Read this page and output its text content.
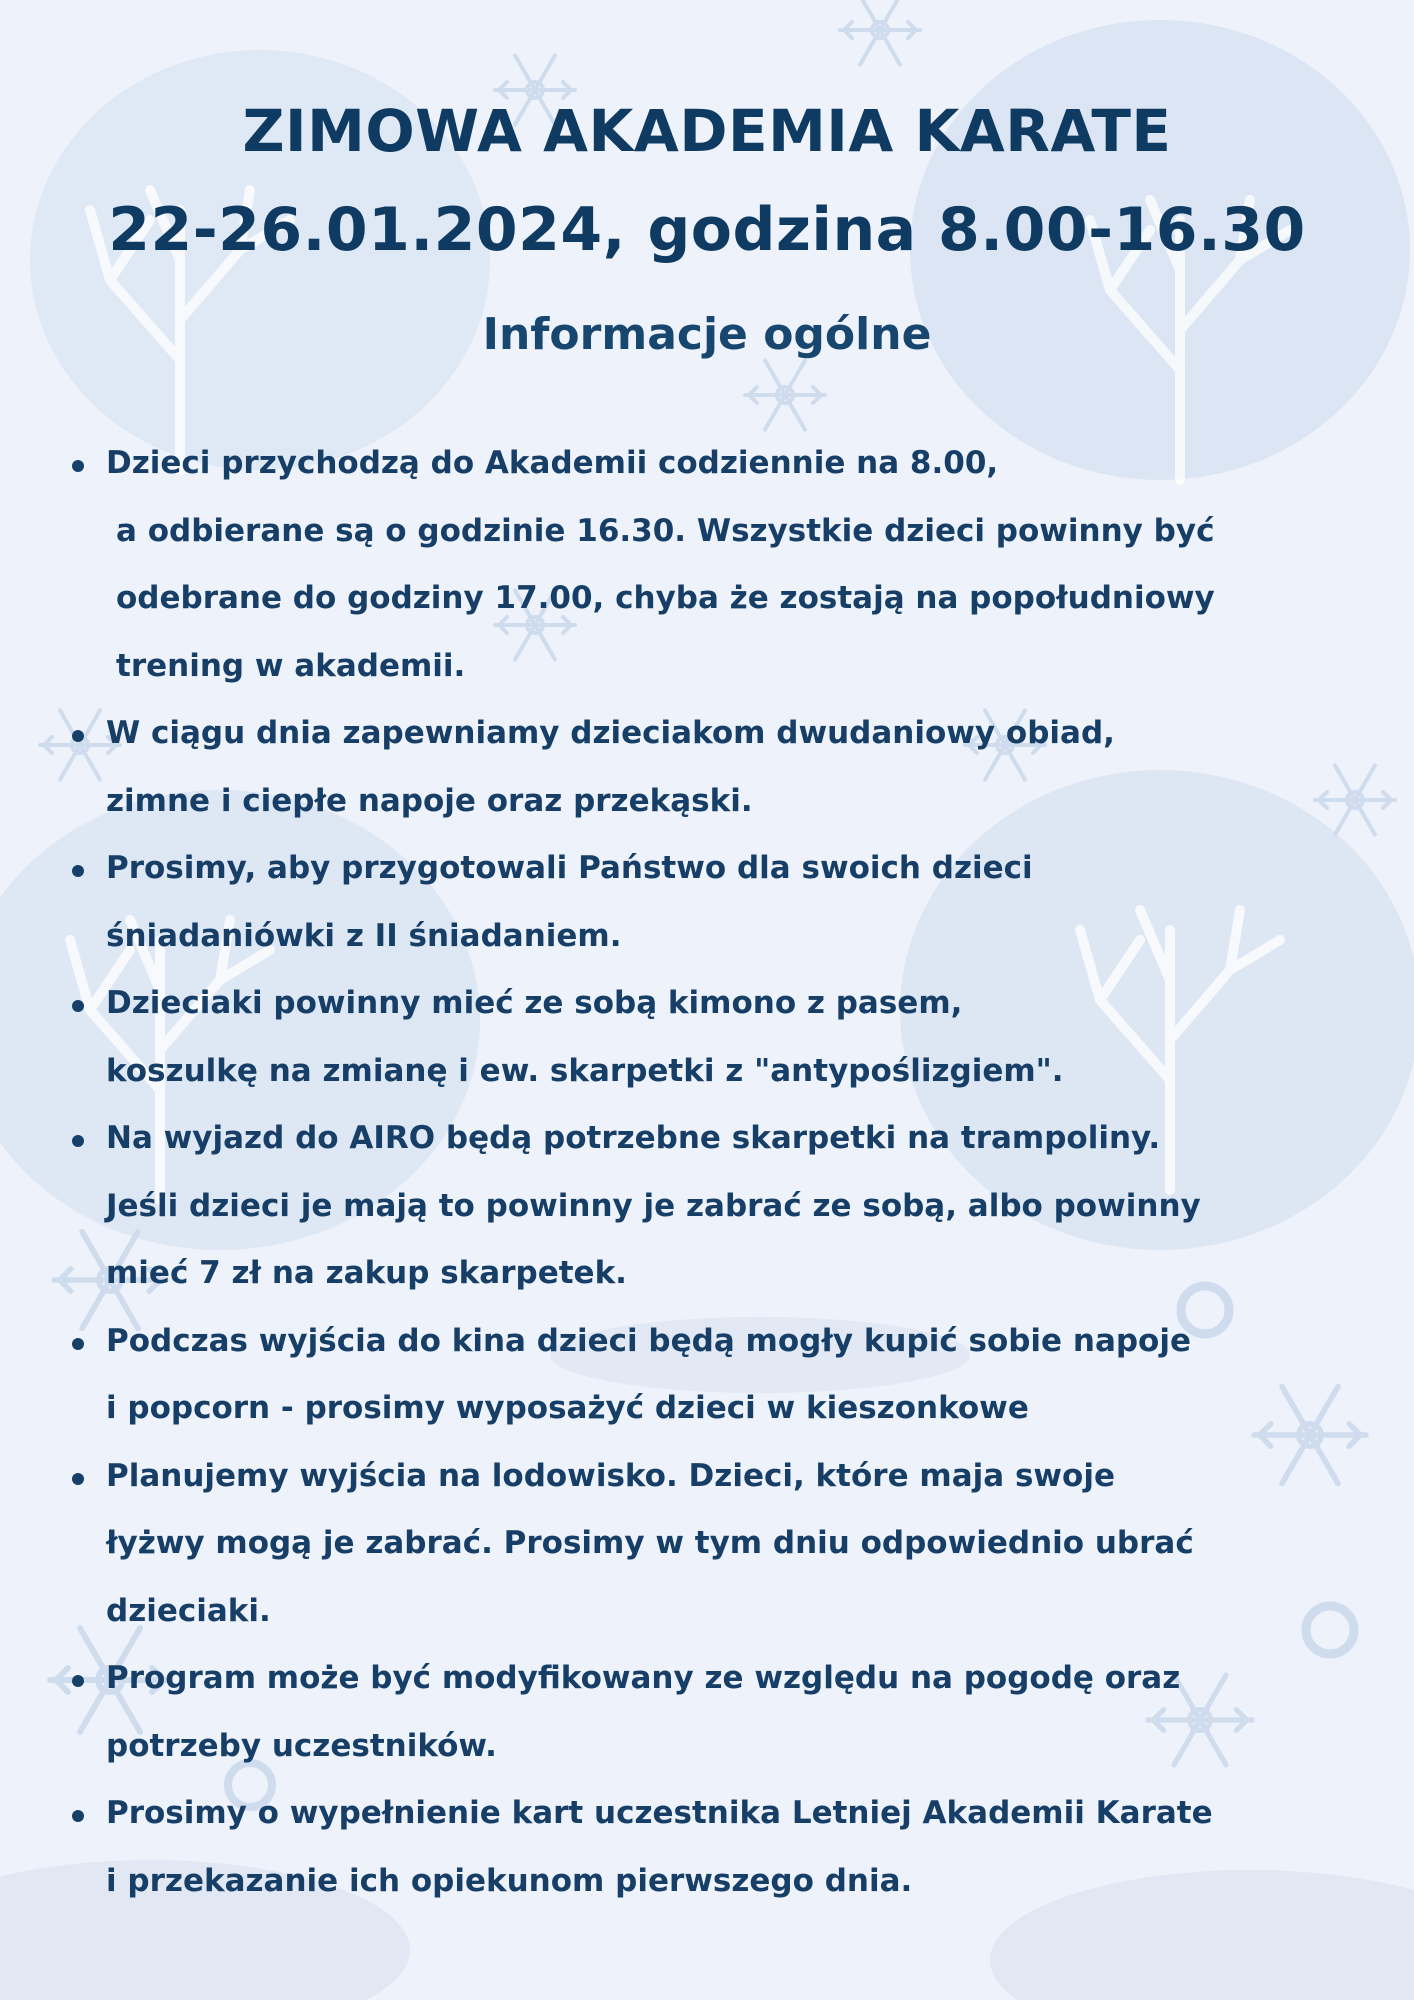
ZIMOWA AKADEMIA KARATE
22-26.01.2024, godzina 8.00-16.30
Informacje ogólne
Dzieci przychodzą do Akademii codziennie na 8.00,
a odbierane są o godzinie 16.30. Wszystkie dzieci powinny być
odebrane do godziny 17.00, chyba że zostają na popołudniowy
trening w akademii.
W ciągu dnia zapewniamy dzieciakom dwudaniowy obiad,
zimne i ciepłe napoje oraz przekąski.
Prosimy, aby przygotowali Państwo dla swoich dzieci
śniadaniówki z II śniadaniem.
Dzieciaki powinny mieć ze sobą kimono z pasem,
koszulkę na zmianę i ew. skarpetki z "antypoślizgiem".
Na wyjazd do AIRO będą potrzebne skarpetki na trampoliny.
Jeśli dzieci je mają to powinny je zabrać ze sobą, albo powinny
mieć 7 zł na zakup skarpetek.
Podczas wyjścia do kina dzieci będą mogły kupić sobie napoje
i popcorn - prosimy wyposażyć dzieci w kieszonkowe
Planujemy wyjścia na lodowisko. Dzieci, które maja swoje
łyżwy mogą je zabrać. Prosimy w tym dniu odpowiednio ubrać
dzieciaki.
Program może być modyfikowany ze względu na pogodę oraz
potrzeby uczestników.
Prosimy o wypełnienie kart uczestnika Letniej Akademii Karate
i przekazanie ich opiekunom pierwszego dnia.
